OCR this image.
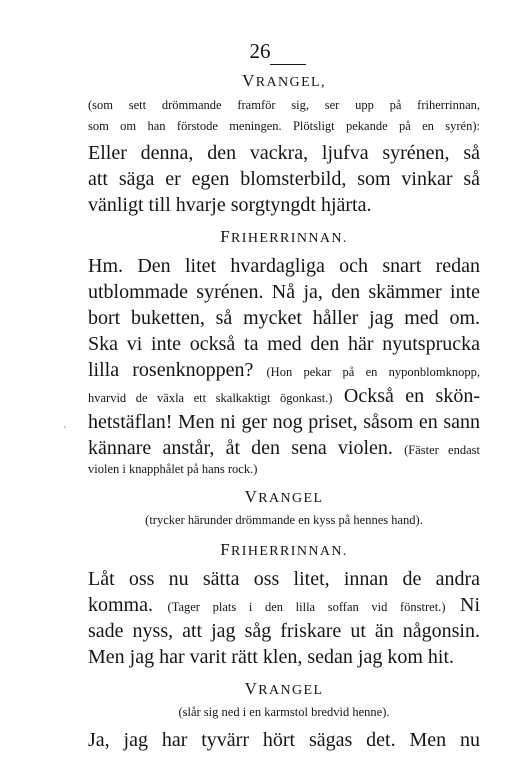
26
'

VRANGEL,

(som sett drömmande framför sig, ser upp på friherrinnan,

som om han förstode meningen. Plötsligt pekande på en syrén):

Eller denna, den vackra, ljufva syrénen, så

att säga er egen blomsterbild, som vinkar så

vänligt till hvarje sorgtyngdt hjärta.

FRIHERRINNAN.

Hm. Den litet hvardagliga och snart redan

utblommade syrénen. Nå ja, den skämmer inte

bort buketten, så mycket håller jag med om.

Ska vi inte också ta med den här nyutsprucka

lilla rosenknoppen? (Hon pekar på en nyponblomknopp,

hvarvid de växla ett skalkaktigt ögonkast.) Också en skön-

hetstäflan! Men ni ger nog priset, såsom en sann

kännare anstår, åt den sena violen. (Fäster endast

violen i knapphålet på hans rock.)

VRANGEL

(trycker härunder drömmande en kyss på hennes hand).

FRIHERRINNAN.

Låt oss nu sätta oss litet, innan de andra

komma. (Tager plats i den lilla soffan vid fönstret.) Ni

sade nyss, att jag såg friskare ut än någonsin.

Men jag har varit rätt klen, sedan jag kom hit.

VRANGEL

(slår sig ned i en karmstol bredvid henne).

Ja, jag har tyvärr hört sägas det. Men nu
